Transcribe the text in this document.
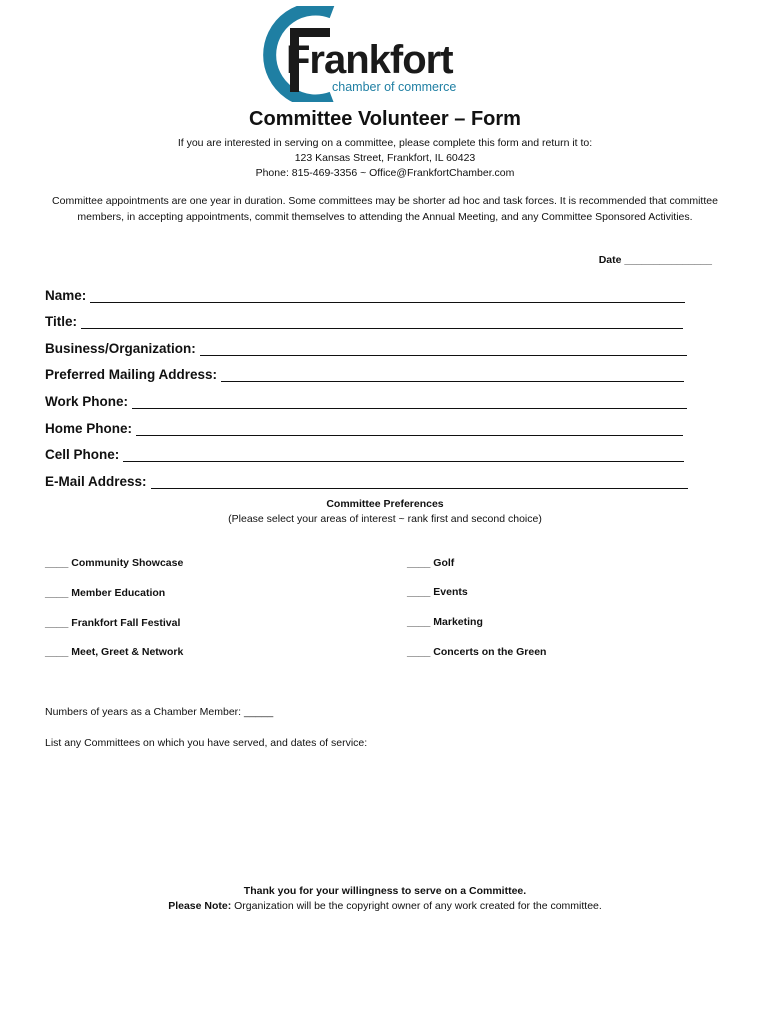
Frankfort
chamber of commerce
Committee Volunteer – Form
If you are interested in serving on a committee, please complete this form and return it to:
123 Kansas Street, Frankfort, IL 60423
Phone: 815-469-3356 ~ Office@FrankfortChamber.com
Committee appointments are one year in duration. Some committees may be shorter ad hoc and task forces. It is recommended that committee members, in accepting appointments, commit themselves to attending the Annual Meeting, and any Committee Sponsored Activities.
Date _______________
Name:
Title:
Business/Organization:
Preferred Mailing Address:
Work Phone:
Home Phone:
Cell Phone:
E-Mail Address:
Committee Preferences
(Please select your areas of interest ~ rank first and second choice)
____ Community Showcase
____ Member Education
____ Frankfort Fall Festival
____ Meet, Greet & Network
____ Golf
____ Events
____ Marketing
____ Concerts on the Green
Numbers of years as a Chamber Member: _____
List any Committees on which you have served, and dates of service:
Thank you for your willingness to serve on a Committee.
Please Note: Organization will be the copyright owner of any work created for the committee.
